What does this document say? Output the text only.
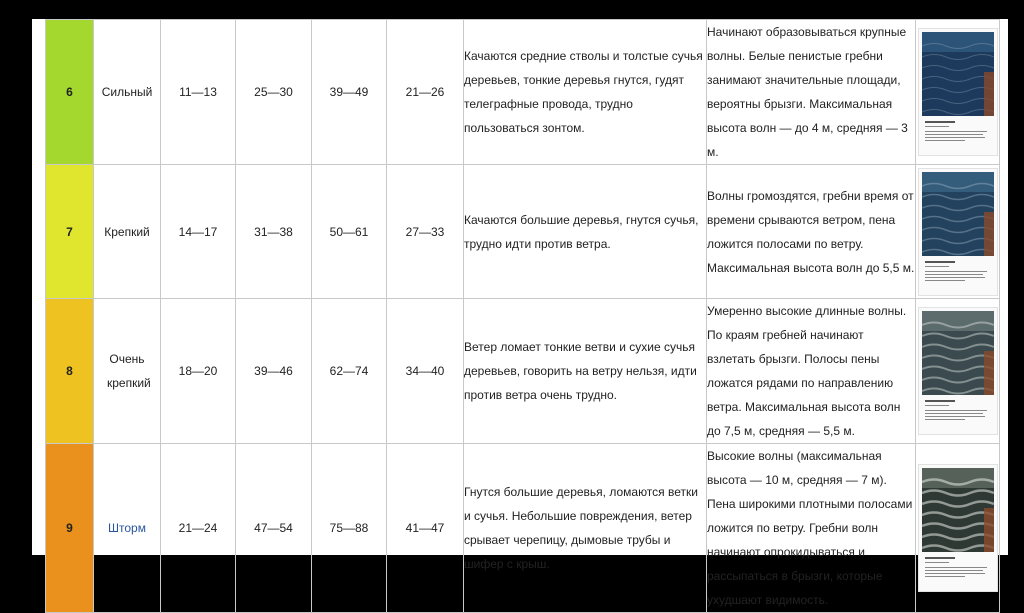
6	Сильный	11—13	25—30	39—49	21—26	Качаются средние стволы и толстые сучья деревьев, тонкие деревья гнутся, гудят телеграфные провода, трудно пользоваться зонтом.	Начинают образовываться крупные волны. Белые пенистые гребни занимают значительные площади, вероятны брызги. Максимальная высота волн — до 4 м, средняя — 3 м.	

7	Крепкий	14—17	31—38	50—61	27—33	Качаются большие деревья, гнутся сучья, трудно идти против ветра.	Волны громоздятся, гребни время от времени срываются ветром, пена ложится полосами по ветру. Максимальная высота волн до 5,5 м.	

8	Очень крепкий	18—20	39—46	62—74	34—40	Ветер ломает тонкие ветви и сухие сучья деревьев, говорить на ветру нельзя, идти против ветра очень трудно.	Умеренно высокие длинные волны. По краям гребней начинают взлетать брызги. Полосы пены ложатся рядами по направлению ветра. Максимальная высота волн до 7,5 м, средняя — 5,5 м.	

9	Шторм	21—24	47—54	75—88	41—47	Гнутся большие деревья, ломаются ветки и сучья. Небольшие повреждения, ветер срывает черепицу, дымовые трубы и шифер с крыш.	Высокие волны (максимальная высота — 10 м, средняя — 7 м). Пена широкими плотными полосами ложится по ветру. Гребни волн начинают опрокидываться и рассыпаться в брызги, которые ухудшают видимость.	
